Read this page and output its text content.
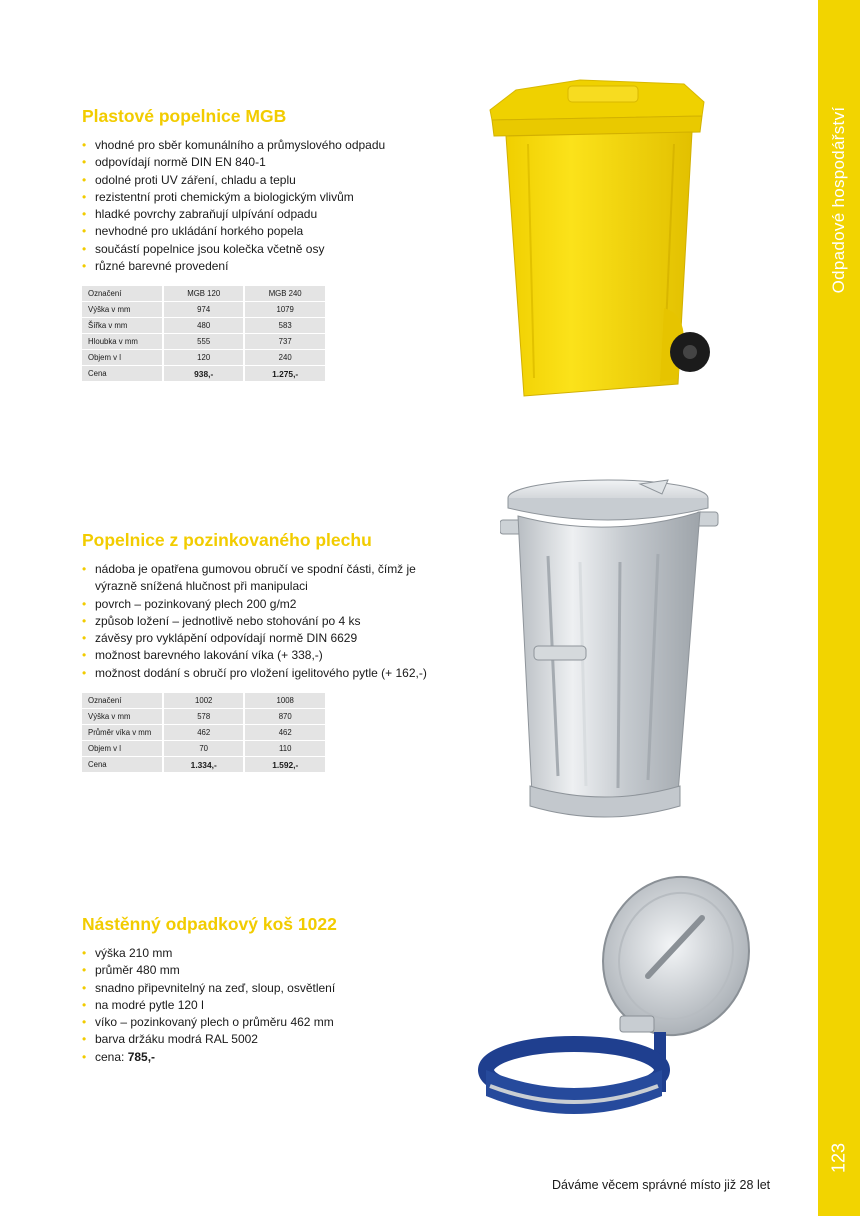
Odpadové hospodářství
123
Plastové popelnice MGB
• vhodné pro sběr komunálního a průmyslového odpadu
• odpovídají normě DIN EN 840-1
• odolné proti UV záření, chladu a teplu
• rezistentní proti chemickým a biologickým vlivům
• hladké povrchy zabraňují ulpívání odpadu
• nevhodné pro ukládání horkého popela
• součástí popelnice jsou kolečka včetně osy
• různé barevné provedení
Označení	MGB 120	MGB 240
Výška v mm	974	1079
Šířka v mm	480	583
Hloubka v mm	555	737
Objem v l	120	240
Cena	938,-	1.275,-
Popelnice z pozinkovaného plechu
• nádoba je opatřena gumovou obručí ve spodní části, čímž je výrazně snížená hlučnost při manipulaci
• povrch – pozinkovaný plech 200 g/m2
• způsob ložení – jednotlivě nebo stohování po 4 ks
• závěsy pro vyklápění odpovídají normě DIN 6629
• možnost barevného lakování víka (+ 338,-)
• možnost dodání s obručí pro vložení igelitového pytle (+ 162,-)
Označení	1002	1008
Výška v mm	578	870
Průměr víka v mm	462	462
Objem v l	70	110
Cena	1.334,-	1.592,-
Nástěnný odpadkový koš 1022
• výška 210 mm
• průměr 480 mm
• snadno připevnitelný na zeď, sloup, osvětlení
• na modré pytle 120 l
• víko – pozinkovaný plech o průměru 462 mm
• barva držáku modrá RAL 5002
• cena: 785,-
Dáváme věcem správné místo již 28 let
